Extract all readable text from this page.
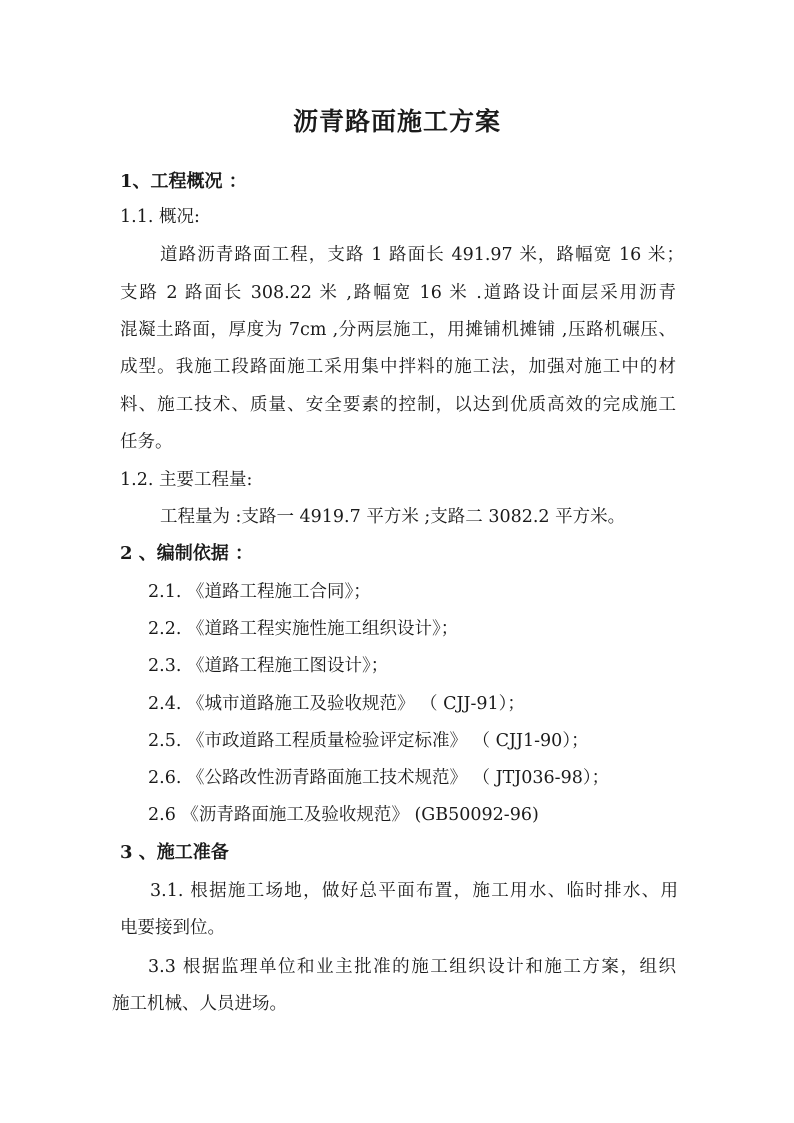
沥青路面施工方案
1、工程概况 ：
1.1. 概况:
道路沥青路面工程，支路 1 路面长 491.97 米，路幅宽 16 米；
支路 2 路面长 308.22 米 ,路幅宽 16 米 .道路设计面层采用沥青
混凝土路面，厚度为 7cm ,分两层施工，用摊铺机摊铺 ,压路机碾压、
成型。我施工段路面施工采用集中拌料的施工法，加强对施工中的材
料、施工技术、质量、安全要素的控制，以达到优质高效的完成施工
任务。
1.2. 主要工程量:
工程量为 :支路一 4919.7 平方米 ;支路二 3082.2 平方米。
2 、编制依据 ：
2.1. 《道路工程施工合同》；
2.2. 《道路工程实施性施工组织设计》；
2.3. 《道路工程施工图设计》；
2.4. 《城市道路施工及验收规范》 （ CJJ-91）；
2.5. 《市政道路工程质量检验评定标准》 （ CJJ1-90）；
2.6. 《公路改性沥青路面施工技术规范》 （ JTJ036-98）；
2.6 《沥青路面施工及验收规范》 (GB50092-96)
3 、施工准备
3.1. 根据施工场地，做好总平面布置，施工用水、临时排水、用
电要接到位。
3.3 根据监理单位和业主批准的施工组织设计和施工方案，组织
施工机械、人员进场。
